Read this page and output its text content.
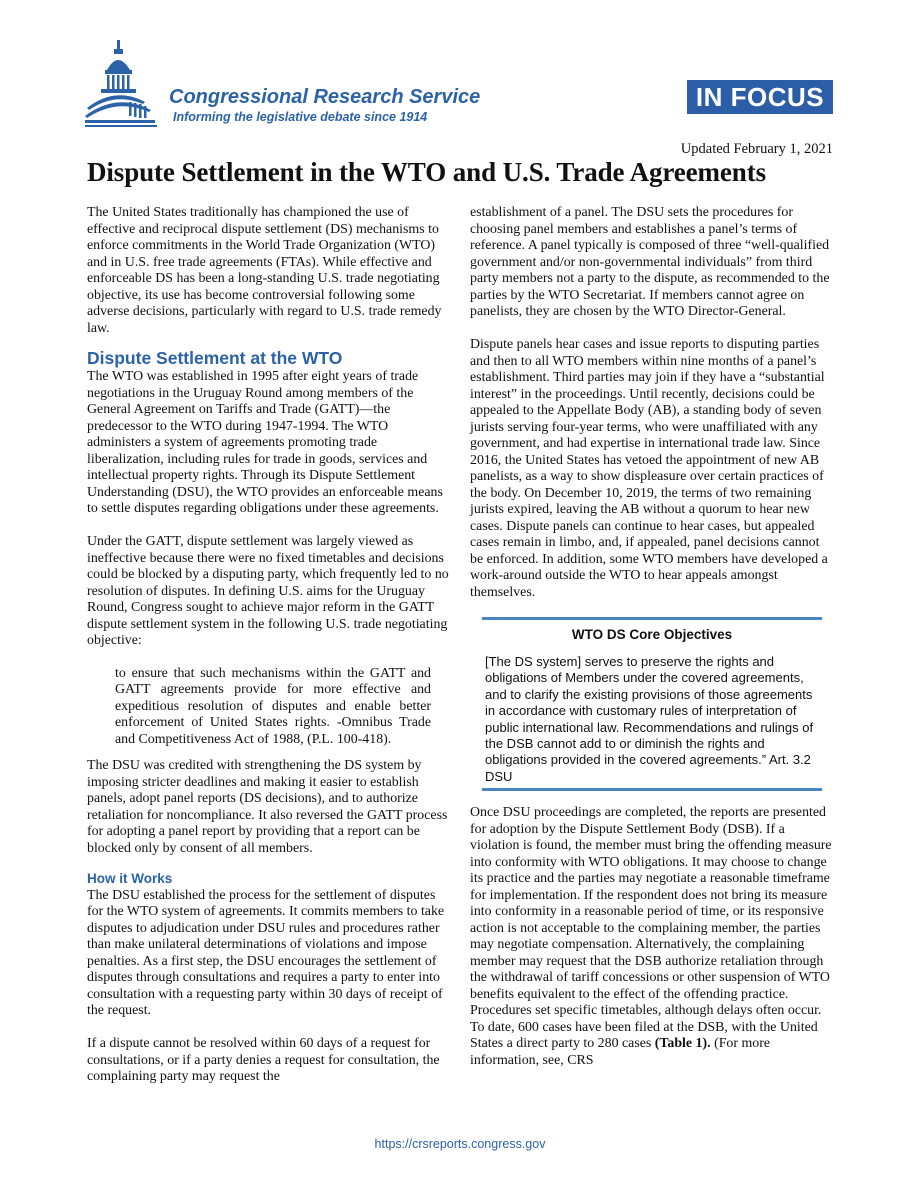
Congressional Research Service
Informing the legislative debate since 1914
IN FOCUS
Updated February 1, 2021
Dispute Settlement in the WTO and U.S. Trade Agreements

The United States traditionally has championed the use of effective and reciprocal dispute settlement (DS) mechanisms to enforce commitments in the World Trade Organization (WTO) and in U.S. free trade agreements (FTAs). While effective and enforceable DS has been a long-standing U.S. trade negotiating objective, its use has become controversial following some adverse decisions, particularly with regard to U.S. trade remedy law.

Dispute Settlement at the WTO

The WTO was established in 1995 after eight years of trade negotiations in the Uruguay Round among members of the General Agreement on Tariffs and Trade (GATT)—the predecessor to the WTO during 1947-1994. The WTO administers a system of agreements promoting trade liberalization, including rules for trade in goods, services and intellectual property rights. Through its Dispute Settlement Understanding (DSU), the WTO provides an enforceable means to settle disputes regarding obligations under these agreements.

Under the GATT, dispute settlement was largely viewed as ineffective because there were no fixed timetables and decisions could be blocked by a disputing party, which frequently led to no resolution of disputes. In defining U.S. aims for the Uruguay Round, Congress sought to achieve major reform in the GATT dispute settlement system in the following U.S. trade negotiating objective:

to ensure that such mechanisms within the GATT and GATT agreements provide for more effective and expeditious resolution of disputes and enable better enforcement of United States rights. -Omnibus Trade and Competitiveness Act of 1988, (P.L. 100-418).

The DSU was credited with strengthening the DS system by imposing stricter deadlines and making it easier to establish panels, adopt panel reports (DS decisions), and to authorize retaliation for noncompliance. It also reversed the GATT process for adopting a panel report by providing that a report can be blocked only by consent of all members.

How it Works

The DSU established the process for the settlement of disputes for the WTO system of agreements. It commits members to take disputes to adjudication under DSU rules and procedures rather than make unilateral determinations of violations and impose penalties. As a first step, the DSU encourages the settlement of disputes through consultations and requires a party to enter into consultation with a requesting party within 30 days of receipt of the request.

If a dispute cannot be resolved within 60 days of a request for consultations, or if a party denies a request for consultation, the complaining party may request the

establishment of a panel. The DSU sets the procedures for choosing panel members and establishes a panel’s terms of reference. A panel typically is composed of three “well-qualified government and/or non-governmental individuals” from third party members not a party to the dispute, as recommended to the parties by the WTO Secretariat. If members cannot agree on panelists, they are chosen by the WTO Director-General.

Dispute panels hear cases and issue reports to disputing parties and then to all WTO members within nine months of a panel’s establishment. Third parties may join if they have a “substantial interest” in the proceedings. Until recently, decisions could be appealed to the Appellate Body (AB), a standing body of seven jurists serving four-year terms, who were unaffiliated with any government, and had expertise in international trade law. Since 2016, the United States has vetoed the appointment of new AB panelists, as a way to show displeasure over certain practices of the body. On December 10, 2019, the terms of two remaining jurists expired, leaving the AB without a quorum to hear new cases. Dispute panels can continue to hear cases, but appealed cases remain in limbo, and, if appealed, panel decisions cannot be enforced. In addition, some WTO members have developed a work-around outside the WTO to hear appeals amongst themselves.

WTO DS Core Objectives

[The DS system] serves to preserve the rights and obligations of Members under the covered agreements, and to clarify the existing provisions of those agreements in accordance with customary rules of interpretation of public international law. Recommendations and rulings of the DSB cannot add to or diminish the rights and obligations provided in the covered agreements.” Art. 3.2 DSU

Once DSU proceedings are completed, the reports are presented for adoption by the Dispute Settlement Body (DSB). If a violation is found, the member must bring the offending measure into conformity with WTO obligations. It may choose to change its practice and the parties may negotiate a reasonable timeframe for implementation. If the respondent does not bring its measure into conformity in a reasonable period of time, or its responsive action is not acceptable to the complaining member, the parties may negotiate compensation. Alternatively, the complaining member may request that the DSB authorize retaliation through the withdrawal of tariff concessions or other suspension of WTO benefits equivalent to the effect of the offending practice. Procedures set specific timetables, although delays often occur. To date, 600 cases have been filed at the DSB, with the United States a direct party to 280 cases (Table 1). (For more information, see, CRS

https://crsreports.congress.gov
